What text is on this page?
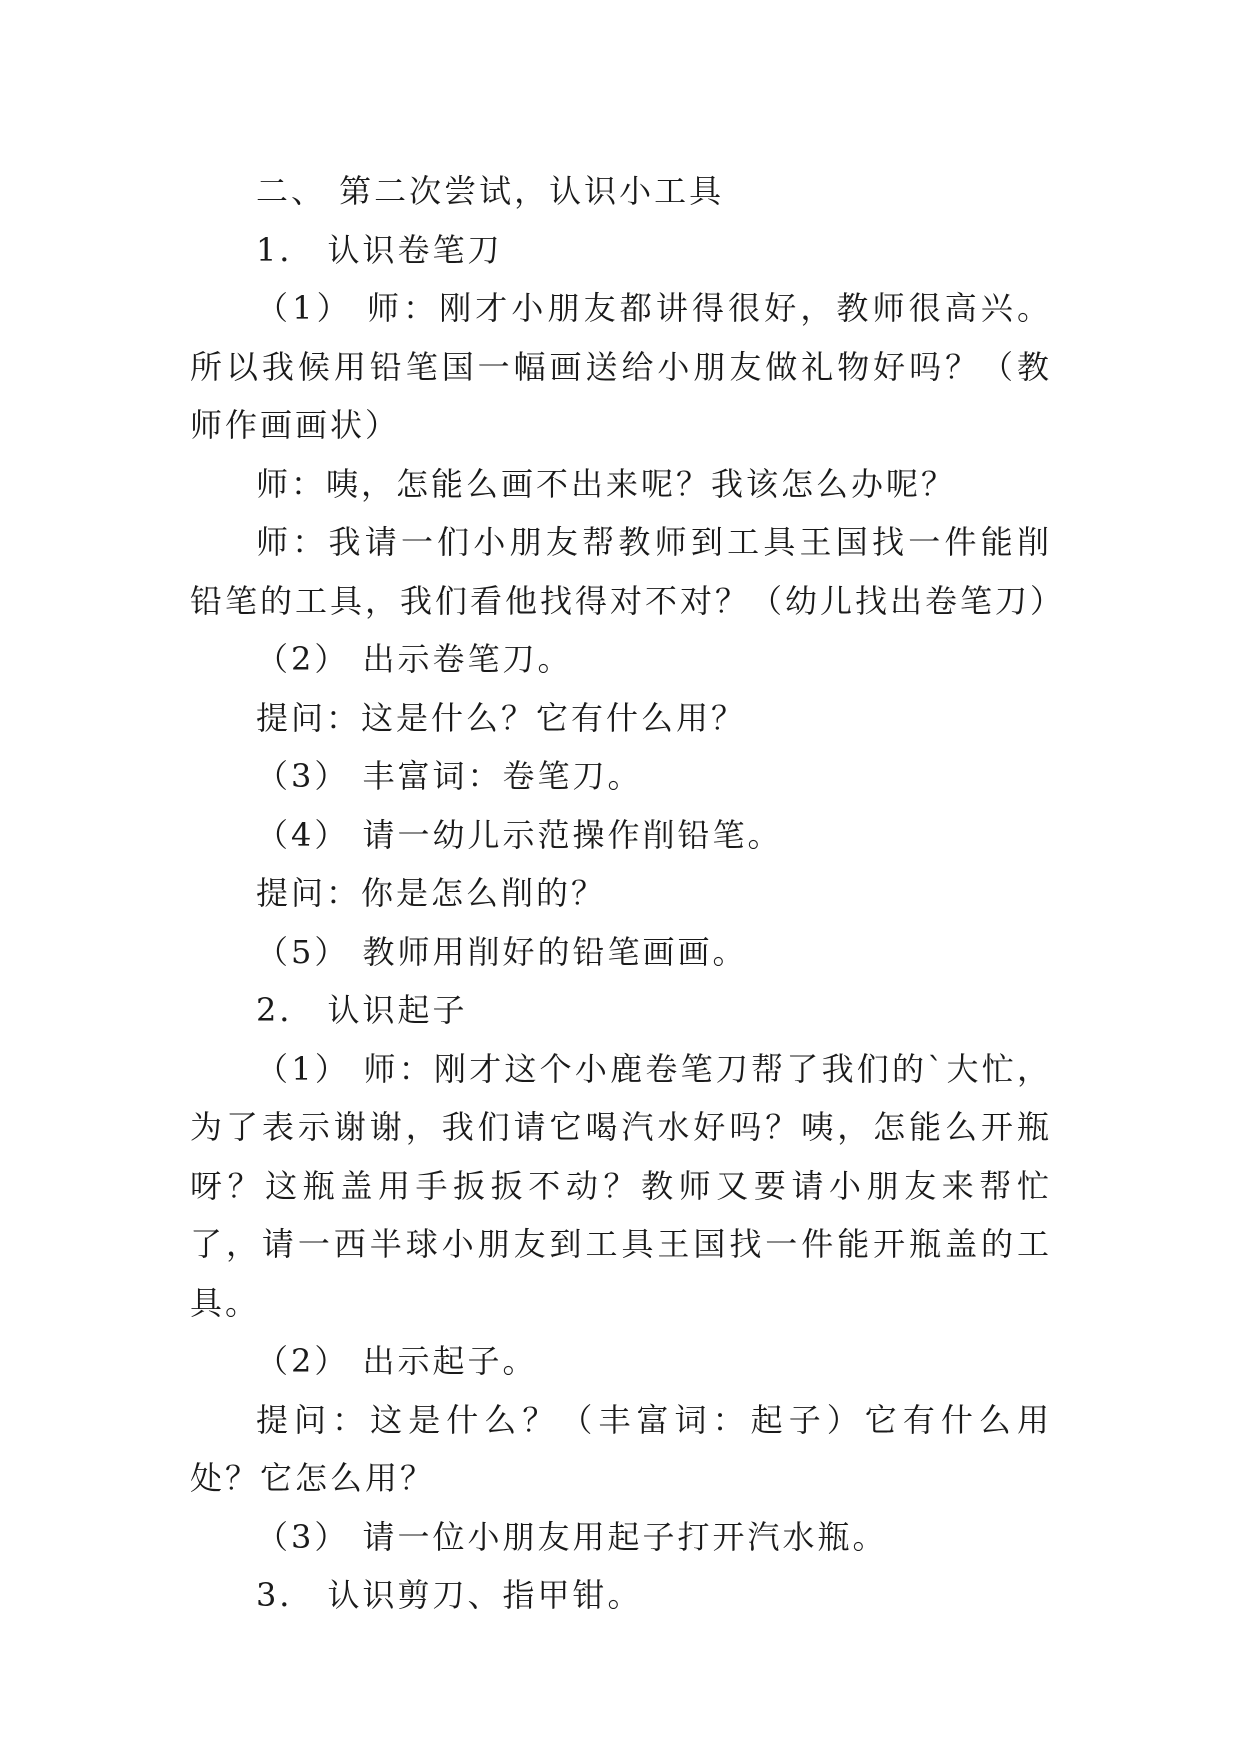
二、 第二次尝试，认识小工具

1． 认识卷笔刀

（1） 师：刚才小朋友都讲得很好，教师很高兴。所以我候用铅笔国一幅画送给小朋友做礼物好吗？（教师作画画状）

师：咦，怎能么画不出来呢？我该怎么办呢？

师：我请一们小朋友帮教师到工具王国找一件能削铅笔的工具，我们看他找得对不对？（幼儿找出卷笔刀）

（2） 出示卷笔刀。

提问：这是什么？它有什么用？

（3） 丰富词：卷笔刀。

（4） 请一幼儿示范操作削铅笔。

提问：你是怎么削的？

（5） 教师用削好的铅笔画画。

2． 认识起子

（1） 师：刚才这个小鹿卷笔刀帮了我们的`大忙，为了表示谢谢，我们请它喝汽水好吗？咦，怎能么开瓶呀？这瓶盖用手扳扳不动？教师又要请小朋友来帮忙了，请一西半球小朋友到工具王国找一件能开瓶盖的工具。

（2） 出示起子。

提问：这是什么？（丰富词：起子）它有什么用处？它怎么用？

（3） 请一位小朋友用起子打开汽水瓶。

3． 认识剪刀、指甲钳。
